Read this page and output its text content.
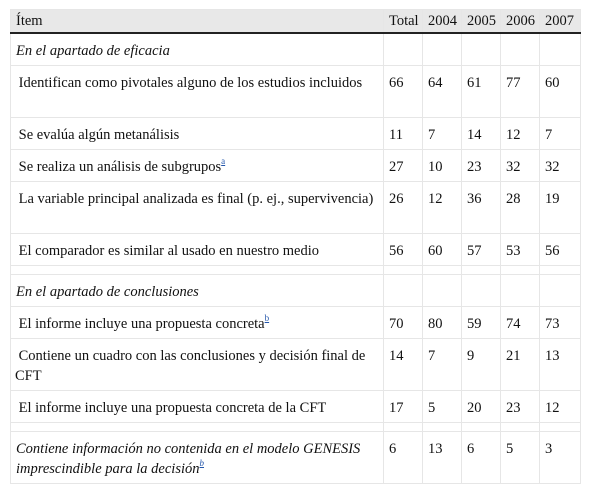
Ítem	Total	2004	2005	2006	2007
En el apartado de eficacia					
Identifican como pivotales alguno de los estudios incluidos	66	64	61	77	60
Se evalúa algún metanálisis	11	7	14	12	7
Se realiza un análisis de subgrupos$^a$	27	10	23	32	32
La variable principal analizada es final (p. ej., supervivencia)	26	12	36	28	19
El comparador es similar al usado en nuestro medio	56	60	57	53	56

En el apartado de conclusiones					
El informe incluye una propuesta concreta$^b$	70	80	59	74	73
Contiene un cuadro con las conclusiones y decisión final de CFT	14	7	9	21	13
El informe incluye una propuesta concreta de la CFT	17	5	20	23	12

Contiene información no contenida en el modelo GENESIS imprescindible para la decisión$^b$	6	13	6	5	3
